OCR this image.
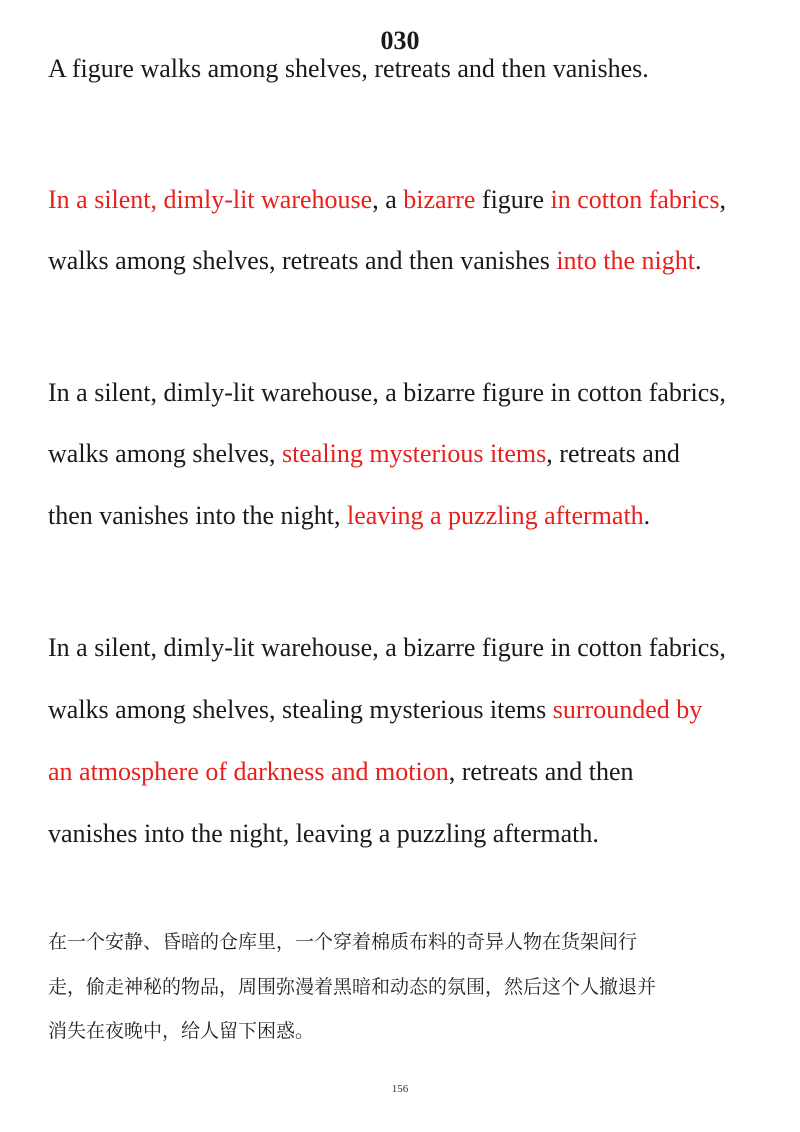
030
A figure walks among shelves, retreats and then vanishes.
In a silent, dimly-lit warehouse, a bizarre figure in cotton fabrics,
walks among shelves, retreats and then vanishes into the night.
In a silent, dimly-lit warehouse, a bizarre figure in cotton fabrics,
walks among shelves, stealing mysterious items, retreats and
then vanishes into the night, leaving a puzzling aftermath.
In a silent, dimly-lit warehouse, a bizarre figure in cotton fabrics,
walks among shelves, stealing mysterious items surrounded by
an atmosphere of darkness and motion, retreats and then
vanishes into the night, leaving a puzzling aftermath.
在一个安静、昏暗的仓库里，一个穿着棉质布料的奇异人物在货架间行
走，偷走神秘的物品，周围弥漫着黑暗和动态的氛围，然后这个人撤退并
消失在夜晚中，给人留下困惑。
156
